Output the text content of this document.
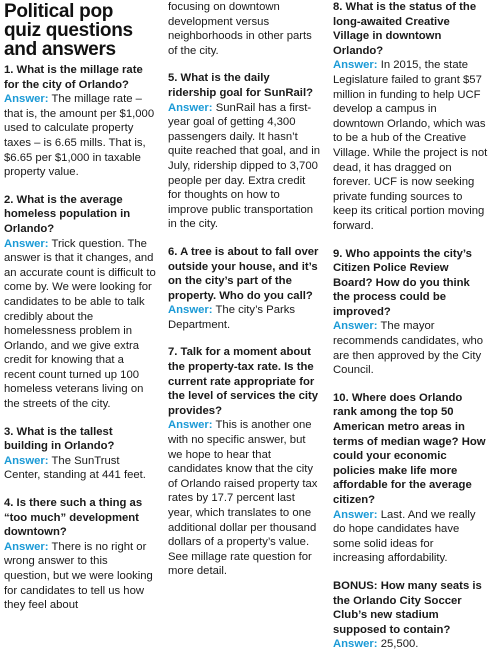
Political pop
quiz questions
and answers

1. What is the millage rate for the city of Orlando?

Answer: The millage rate – that is, the amount per $1,000 used to calculate property taxes – is 6.65 mills. That is, $6.65 per $1,000 in taxable property value.

2. What is the average homeless population in Orlando?

Answer: Trick question. The answer is that it changes, and an accurate count is difficult to come by. We were looking for candidates to be able to talk credibly about the homelessness problem in Orlando, and we give extra credit for knowing that a recent count turned up 100 homeless veterans living on the streets of the city.

3. What is the tallest building in Orlando?

Answer: The SunTrust Center, standing at 441 feet.

4. Is there such a thing as “too much” development downtown?

Answer: There is no right or wrong answer to this question, but we were looking for candidates to tell us how they feel about

focusing on downtown development versus neighborhoods in other parts of the city.

5. What is the daily ridership goal for SunRail?

Answer: SunRail has a first-year goal of getting 4,300 passengers daily. It hasn’t quite reached that goal, and in July, ridership dipped to 3,700 people per day. Extra credit for thoughts on how to improve public transportation in the city.

6. A tree is about to fall over outside your house, and it’s on the city’s part of the property. Who do you call?

Answer: The city’s Parks Department.

7. Talk for a moment about the property-tax rate. Is the current rate appropriate for the level of services the city provides?

Answer: This is another one with no specific answer, but we hope to hear that candidates know that the city of Orlando raised property tax rates by 17.7 percent last year, which translates to one additional dollar per thousand dollars of a property’s value. See millage rate question for more detail.

8. What is the status of the long-awaited Creative Village in downtown Orlando?

Answer: In 2015, the state Legislature failed to grant $57 million in funding to help UCF develop a campus in downtown Orlando, which was to be a hub of the Creative Village. While the project is not dead, it has dragged on forever. UCF is now seeking private funding sources to keep its critical portion moving forward.

9. Who appoints the city’s Citizen Police Review Board? How do you think the process could be improved?

Answer: The mayor recommends candidates, who are then approved by the City Council.

10. Where does Orlando rank among the top 50 American metro areas in terms of median wage? How could your economic policies make life more affordable for the average citizen?

Answer: Last. And we really do hope candidates have some solid ideas for increasing affordability.

BONUS: How many seats is the Orlando City Soccer Club’s new stadium supposed to contain?

Answer: 25,500.
